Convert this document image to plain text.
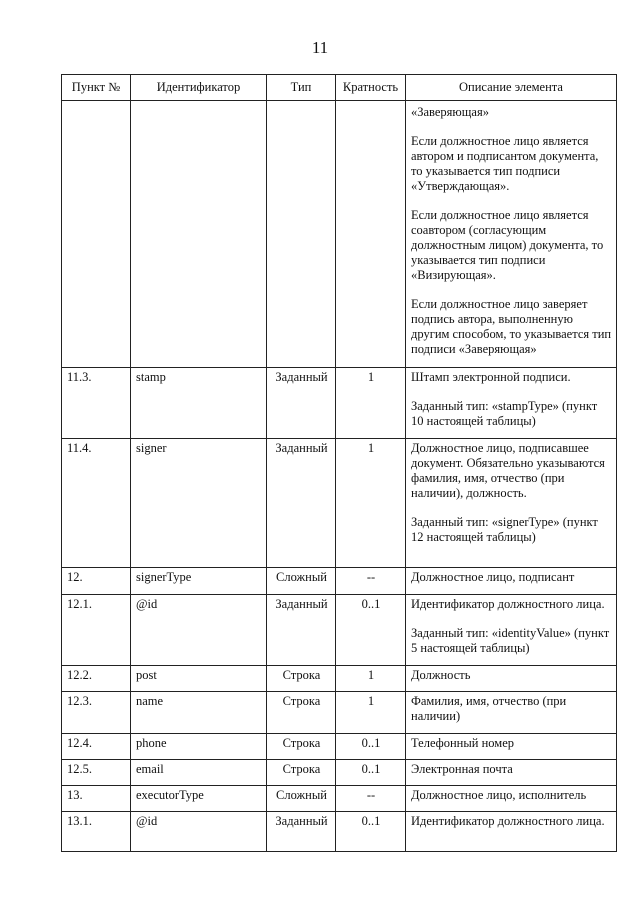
11
Пункт №	Идентификатор	Тип	Кратность	Описание элемента

				«Заверяющая»

Если должностное лицо является автором и подписантом документа, то указывается тип подписи «Утверждающая».

Если должностное лицо является соавтором (согласующим должностным лицом) документа, то указывается тип подписи «Визирующая».

Если должностное лицо заверяет подпись автора, выполненную другим способом, то указывается тип подписи «Заверяющая»

11.3.	stamp	Заданный	1	Штамп электронной подписи.

Заданный тип: «stampType» (пункт 10 настоящей таблицы)

11.4.	signer	Заданный	1	Должностное лицо, подписавшее документ. Обязательно указываются фамилия, имя, отчество (при наличии), должность.

Заданный тип: «signerType» (пункт 12 настоящей таблицы)

12.	signerType	Сложный	--	Должностное лицо, подписант

12.1.	@id	Заданный	0..1	Идентификатор должностного лица.

Заданный тип: «identityValue» (пункт 5 настоящей таблицы)

12.2.	post	Строка	1	Должность

12.3.	name	Строка	1	Фамилия, имя, отчество (при наличии)

12.4.	phone	Строка	0..1	Телефонный номер

12.5.	email	Строка	0..1	Электронная почта

13.	executorType	Сложный	--	Должностное лицо, исполнитель

13.1.	@id	Заданный	0..1	Идентификатор должностного лица.
